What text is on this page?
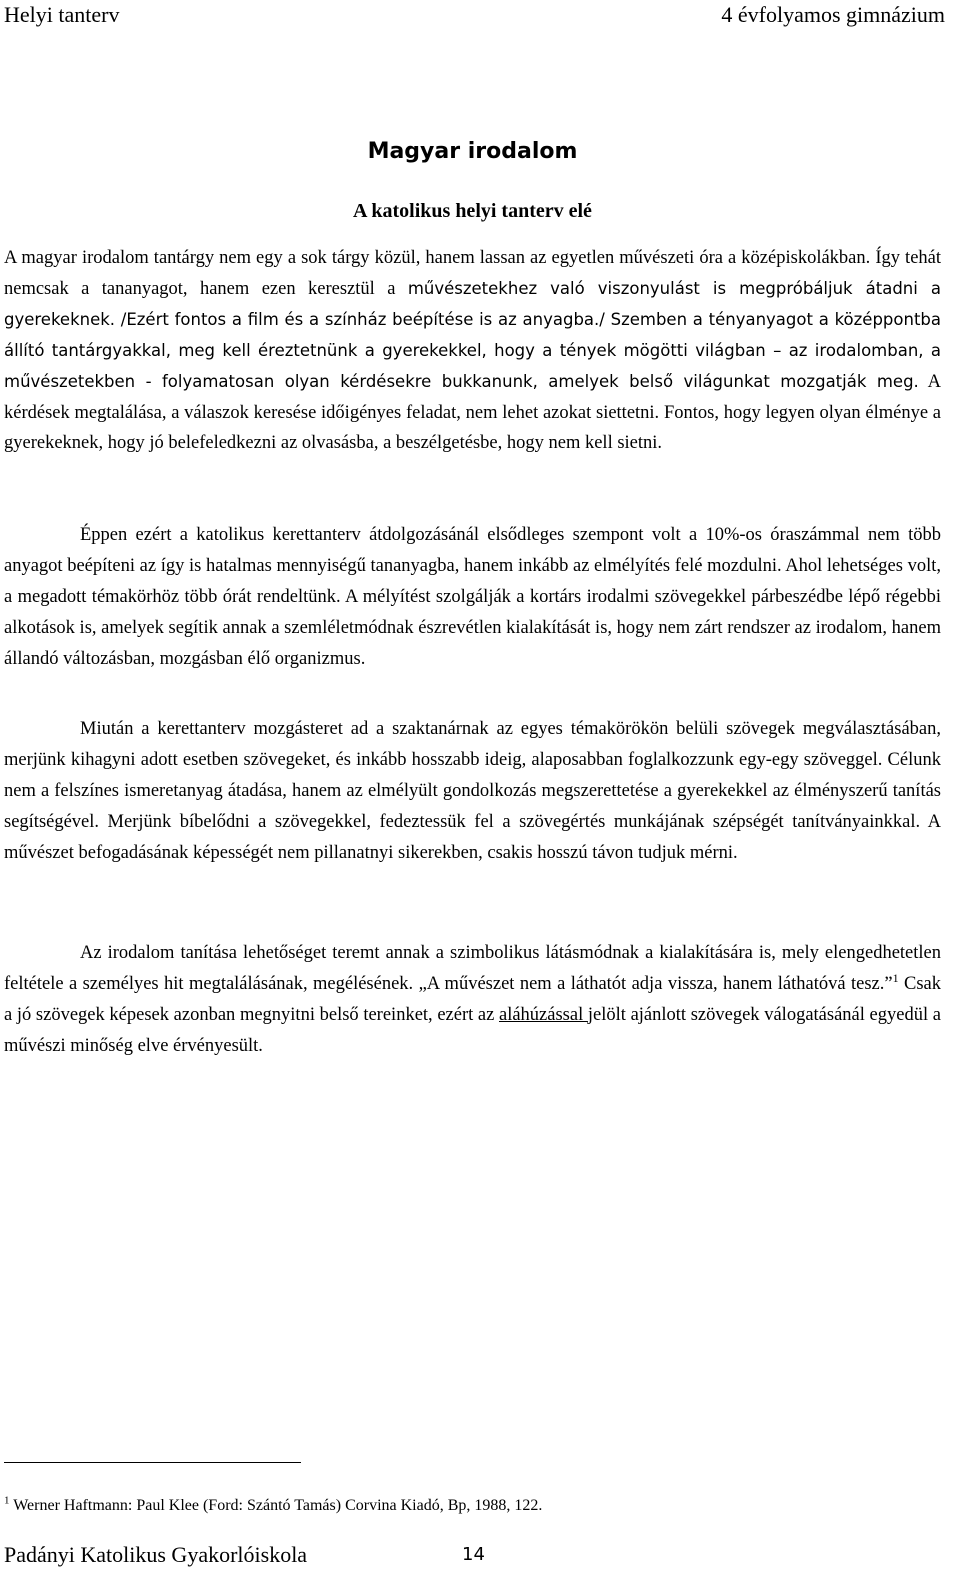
Helyi tanterv	4 évfolyamos gimnázium
Magyar irodalom
A katolikus helyi tanterv elé

A magyar irodalom tantárgy nem egy a sok tárgy közül, hanem lassan az egyetlen művészeti óra a középiskolákban. Így tehát nemcsak a tananyagot, hanem ezen keresztül a művészetekhez való viszonyulást is megpróbáljuk átadni a gyerekeknek. /Ezért fontos a film és a színház beépítése is az anyagba./ Szemben a tényanyagot a középpontba állító tantárgyakkal, meg kell éreztetnünk a gyerekekkel, hogy a tények mögötti világban – az irodalomban, a művészetekben - folyamatosan olyan kérdésekre bukkanunk, amelyek belső világunkat mozgatják meg. A kérdések megtalálása, a válaszok keresése időigényes feladat, nem lehet azokat siettetni. Fontos, hogy legyen olyan élménye a gyerekeknek, hogy jó belefeledkezni az olvasásba, a beszélgetésbe, hogy nem kell sietni.

Éppen ezért a katolikus kerettanterv átdolgozásánál elsődleges szempont volt a 10%-os óraszámmal nem több anyagot beépíteni az így is hatalmas mennyiségű tananyagba, hanem inkább az elmélyítés felé mozdulni. Ahol lehetséges volt, a megadott témakörhöz több órát rendeltünk. A mélyítést szolgálják a kortárs irodalmi szövegekkel párbeszédbe lépő régebbi alkotások is, amelyek segítik annak a szemléletmódnak észrevétlen kialakítását is, hogy nem zárt rendszer az irodalom, hanem állandó változásban, mozgásban élő organizmus.

Miután a kerettanterv mozgásteret ad a szaktanárnak az egyes témakörökön belüli szövegek megválasztásában, merjünk kihagyni adott esetben szövegeket, és inkább hosszabb ideig, alaposabban foglalkozzunk egy-egy szöveggel. Célunk nem a felszínes ismeretanyag átadása, hanem az elmélyült gondolkozás megszerettetése a gyerekekkel az élményszerű tanítás segítségével. Merjünk bíbelődni a szövegekkel, fedeztessük fel a szövegértés munkájának szépségét tanítványainkkal. A művészet befogadásának képességét nem pillanatnyi sikerekben, csakis hosszú távon tudjuk mérni.

Az irodalom tanítása lehetőséget teremt annak a szimbolikus látásmódnak a kialakítására is, mely elengedhetetlen feltétele a személyes hit megtalálásának, megélésének. „A művészet nem a láthatót adja vissza, hanem láthatóvá tesz.”$^1$ Csak a jó szövegek képesek azonban megnyitni belső tereinket, ezért az aláhúzással jelölt ajánlott szövegek válogatásánál egyedül a művészi minőség elve érvényesült.

$^1$ Werner Haftmann: Paul Klee (Ford: Szántó Tamás) Corvina Kiadó, Bp, 1988, 122.
Padányi Katolikus Gyakorlóiskola	14
